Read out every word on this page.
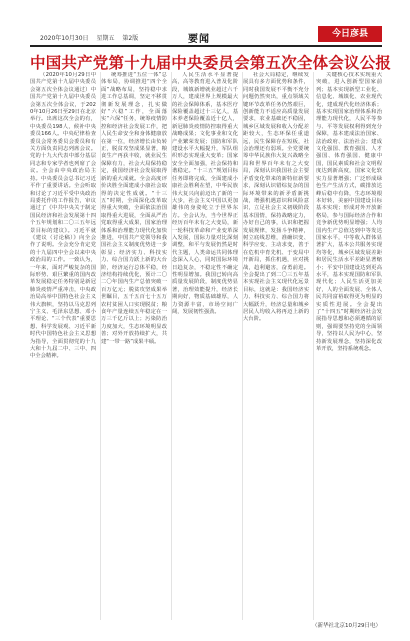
2020年10月30日 星期五 第2版	要闻	今日彦县
中国共产党第十九届中央委员会第五次全体会议公报

（2020年10月29日中国共产党第十九届中央委员会第五次全体会议通过）中国共产党第十九届中央委员会第五次全体会议，于2020年10月26日至29日在北京举行。出席这次全会的有，中央委员198人，候补中央委员166人。中央纪律检查委员会常务委员会委员和有关方面负责同志列席会议。党的十九大代表中部分基层同志和专家学者也列席了会议。全会由中央政治局主持。中央委员会总书记习近平作了重要讲话。全会听取和讨论了习近平受中央政治局委托作的工作报告，审议通过了《中共中央关于制定国民经济和社会发展第十四个五年规划和二〇三五年远景目标的建议》。习近平就《建议（讨论稿）》向全会作了说明。全会充分肯定党的十九届四中全会以来中央政治局的工作。一致认为，一年来，面对严峻复杂的国际形势、艰巨繁重的国内改革发展稳定任务特别是新冠肺炎疫情严重冲击，中央政治局高举中国特色社会主义伟大旗帜，坚持以马克思列宁主义、毛泽东思想、邓小平理论、“三个代表”重要思想、科学发展观、习近平新时代中国特色社会主义思想为指导，全面贯彻党的十九大和十九届二中、三中、四中全会精神。

统筹推进“五位一体”总体布局，协调推进“四个全面”战略布局，坚持稳中求进工作总基调，坚定不移贯彻新发展理念，扎实做好“六稳”工作，全面落实“六保”任务，统筹疫情防控和经济社会发展工作，把人民生命安全和身体健康放在第一位，经济增长由负转正，脱贫攻坚成果显著，粮食生产再获丰收，就业民生保障有力，社会大局保持稳定，我国经济社会发展取得新的重大成就。全会高度评价决胜全面建成小康社会取得的决定性成就。“十三五”时期，全面深化改革取得重大突破，全面依法治国取得重大进展，全面从严治党取得重大成果，国家治理体系和治理能力现代化加快推进，中国共产党领导和我国社会主义制度优势进一步彰显；经济实力、科技实力、综合国力跃上新的大台阶，经济运行总体平稳，经济结构持续优化，预计二〇二〇年国内生产总值突破一百万亿元；脱贫攻坚成果举世瞩目，五千五百七十五万农村贫困人口实现脱贫；粮食年产量连续五年稳定在一万三千亿斤以上；污染防治力度加大，生态环境明显改善；对外开放持续扩大，共建“一带一路”成果丰硕。

人民生活水平显著提高，高等教育进入普及化阶段，城镇新增就业超过六千万人，建成世界上规模最大的社会保障体系，基本医疗保险覆盖超过十三亿人，基本养老保险覆盖近十亿人，新冠肺炎疫情防控取得重大战略成果；文化事业和文化产业繁荣发展；国防和军队建设水平大幅提升，军队组织形态实现重大变革；国家安全全面加强，社会保持和谐稳定。“十三五”规划目标任务即将完成，全面建成小康社会胜利在望，中华民族伟大复兴向前迈出了新的一大步，社会主义中国以更加雄伟的身姿屹立于世界东方。全会认为，当今世界正经历百年未有之大变局，新一轮科技革命和产业变革深入发展，国际力量对比深刻调整，和平与发展仍然是时代主题，人类命运共同体理念深入人心，同时国际环境日趋复杂，不稳定性不确定性明显增加。我国已转向高质量发展阶段，制度优势显著，治理效能提升，经济长期向好，物质基础雄厚，人力资源丰富，市场空间广阔，发展韧性强劲。

社会大局稳定，继续发展具有多方面优势和条件，同时我国发展不平衡不充分问题仍然突出，重点领域关键环节改革任务仍然艰巨，创新能力不适应高质量发展要求，农业基础还不稳固，城乡区域发展和收入分配差距较大，生态环保任重道远，民生保障存在短板，社会治理还有弱项。全党要统筹中华民族伟大复兴战略全局和世界百年未有之大变局，深刻认识我国社会主要矛盾变化带来的新特征新要求，深刻认识错综复杂的国际环境带来的新矛盾新挑战，增强机遇意识和风险意识，立足社会主义初级阶段基本国情，保持战略定力，办好自己的事，认识和把握发展规律，发扬斗争精神，树立底线思维，准确识变、科学应变、主动求变，善于在危机中育先机、于变局中开新局，抓住机遇，应对挑战，趋利避害，奋勇前进。全会提出了到二〇三五年基本实现社会主义现代化远景目标，这就是：我国经济实力、科技实力、综合国力将大幅跃升，经济总量和城乡居民人均收入将再迈上新的大台阶。

关键核心技术实现重大突破，进入创新型国家前列；基本实现新型工业化、信息化、城镇化、农业现代化，建成现代化经济体系；基本实现国家治理体系和治理能力现代化，人民平等参与、平等发展权利得到充分保障，基本建成法治国家、法治政府、法治社会；建成文化强国、教育强国、人才强国、体育强国、健康中国，国民素质和社会文明程度达到新高度，国家文化软实力显著增强；广泛形成绿色生产生活方式，碳排放达峰后稳中有降，生态环境根本好转，美丽中国建设目标基本实现；形成对外开放新格局，参与国际经济合作和竞争新优势明显增强；人均国内生产总值达到中等发达国家水平，中等收入群体显著扩大，基本公共服务实现均等化，城乡区域发展差距和居民生活水平差距显著缩小；平安中国建设达到更高水平，基本实现国防和军队现代化；人民生活更加美好，人的全面发展、全体人民共同富裕取得更为明显的实质性进展。全会提出了“十四五”时期经济社会发展指导思想和必须遵循的原则，强调要坚持党的全面领导，坚持以人民为中心，坚持新发展理念，坚持深化改革开放，坚持系统观念。

（新华社北京10月29日电）
